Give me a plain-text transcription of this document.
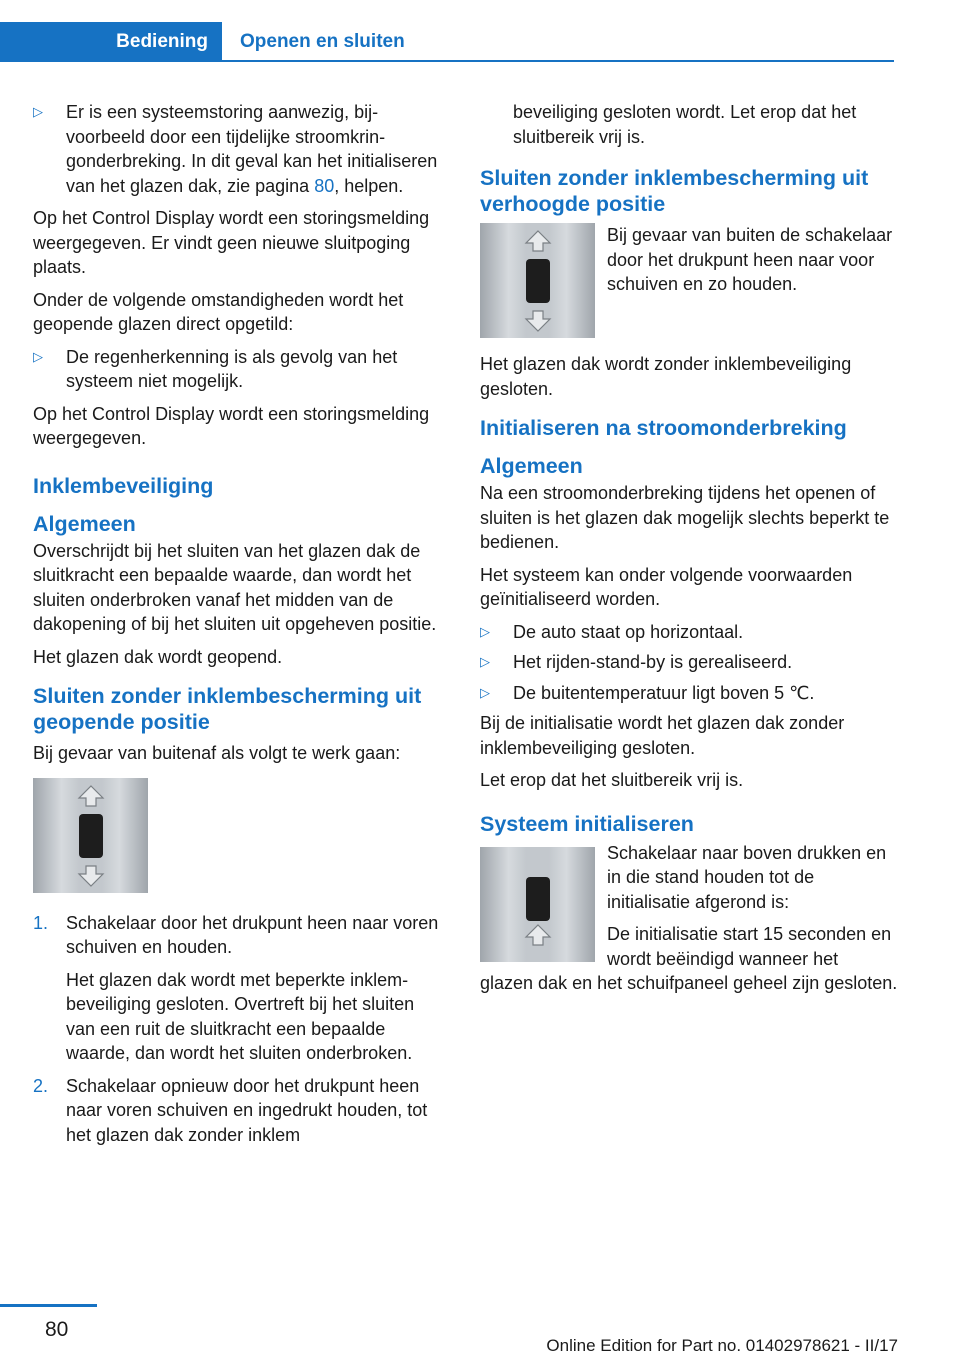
Bediening	Openen en sluiten
▷	Er is een systeemstoring aanwezig, bijvoorbeeld door een tijdelijke stroomkringonderbreking. In dit geval kan het initialiseren van het glazen dak, zie pagina 80, helpen.

Op het Control Display wordt een storingsmelding weergegeven. Er vindt geen nieuwe sluitpoging plaats.

Onder de volgende omstandigheden wordt het geopende glazen direct opgetild:

▷	De regenherkenning is als gevolg van het systeem niet mogelijk.

Op het Control Display wordt een storingsmelding weergegeven.

Inklembeveiliging
Algemeen

Overschrijdt bij het sluiten van het glazen dak de sluitkracht een bepaalde waarde, dan wordt het sluiten onderbroken vanaf het midden van de dakopening of bij het sluiten uit opgeheven positie.

Het glazen dak wordt geopend.

Sluiten zonder inklembescherming uit geopende positie

Bij gevaar van buitenaf als volgt te werk gaan:

1. Schakelaar door het drukpunt heen naar voren schuiven en houden.

Het glazen dak wordt met beperkte inklembeveiliging gesloten. Overtreft bij het sluiten van een ruit de sluitkracht een bepaalde waarde, dan wordt het sluiten onderbroken.

2. Schakelaar opnieuw door het drukpunt heen naar voren schuiven en ingedrukt houden, tot het glazen dak zonder inklem

beveiliging gesloten wordt. Let erop dat het sluitbereik vrij is.

Sluiten zonder inklembescherming uit verhoogde positie
Bij gevaar van buiten de schakelaar door het drukpunt heen naar voor schuiven en zo houden.

Het glazen dak wordt zonder inklembeveiliging gesloten.

Initialiseren na stroomonderbreking
Algemeen

Na een stroomonderbreking tijdens het openen of sluiten is het glazen dak mogelijk slechts beperkt te bedienen.

Het systeem kan onder volgende voorwaarden geïnitialiseerd worden.

▷	De auto staat op horizontaal.
▷	Het rijden-stand-by is gerealiseerd.
▷	De buitentemperatuur ligt boven 5 ℃.

Bij de initialisatie wordt het glazen dak zonder inklembeveiliging gesloten.

Let erop dat het sluitbereik vrij is.

Systeem initialiseren

Schakelaar naar boven drukken en in die stand houden tot de initialisatie afgerond is:

De initialisatie start 15 seconden en wordt beëindigd wanneer het

glazen dak en het schuifpaneel geheel zijn gesloten.

80
Online Edition for Part no. 01402978621 - II/17
